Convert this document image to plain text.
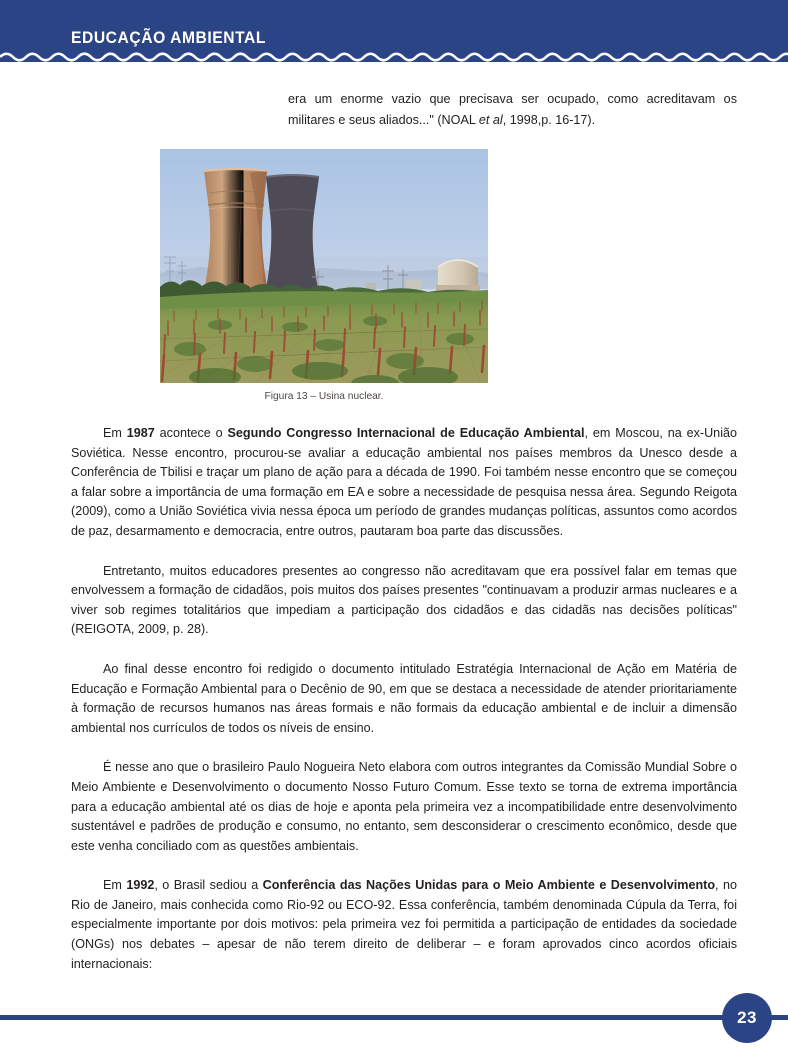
EDUCAÇÃO AMBIENTAL

era um enorme vazio que precisava ser ocupado, como acreditavam os militares e seus aliados..." (NOAL et al, 1998,p. 16-17).

Figura 13 – Usina nuclear.

Em 1987 acontece o Segundo Congresso Internacional de Educação Ambiental, em Moscou, na ex-União Soviética. Nesse encontro, procurou-se avaliar a educação ambiental nos países membros da Unesco desde a Conferência de Tbilisi e traçar um plano de ação para a década de 1990. Foi também nesse encontro que se começou a falar sobre a importância de uma formação em EA e sobre a necessidade de pesquisa nessa área. Segundo Reigota (2009), como a União Soviética vivia nessa época um período de grandes mudanças políticas, assuntos como acordos de paz, desarmamento e democracia, entre outros, pautaram boa parte das discussões.

Entretanto, muitos educadores presentes ao congresso não acreditavam que era possível falar em temas que envolvessem a formação de cidadãos, pois muitos dos países presentes "continuavam a produzir armas nucleares e a viver sob regimes totalitários que impediam a participação dos cidadãos e das cidadãs nas decisões políticas" (REIGOTA, 2009, p. 28).

Ao final desse encontro foi redigido o documento intitulado Estratégia Internacional de Ação em Matéria de Educação e Formação Ambiental para o Decênio de 90, em que se destaca a necessidade de atender prioritariamente à formação de recursos humanos nas áreas formais e não formais da educação ambiental e de incluir a dimensão ambiental nos currículos de todos os níveis de ensino.

É nesse ano que o brasileiro Paulo Nogueira Neto elabora com outros integrantes da Comissão Mundial Sobre o Meio Ambiente e Desenvolvimento o documento Nosso Futuro Comum. Esse texto se torna de extrema importância para a educação ambiental até os dias de hoje e aponta pela primeira vez a incompatibilidade entre desenvolvimento sustentável e padrões de produção e consumo, no entanto, sem desconsiderar o crescimento econômico, desde que este venha conciliado com as questões ambientais.

Em 1992, o Brasil sediou a Conferência das Nações Unidas para o Meio Ambiente e Desenvolvimento, no Rio de Janeiro, mais conhecida como Rio-92 ou ECO-92. Essa conferência, também denominada Cúpula da Terra, foi especialmente importante por dois motivos: pela primeira vez foi permitida a participação de entidades da sociedade (ONGs) nos debates – apesar de não terem direito de deliberar – e foram aprovados cinco acordos oficiais internacionais:

23
